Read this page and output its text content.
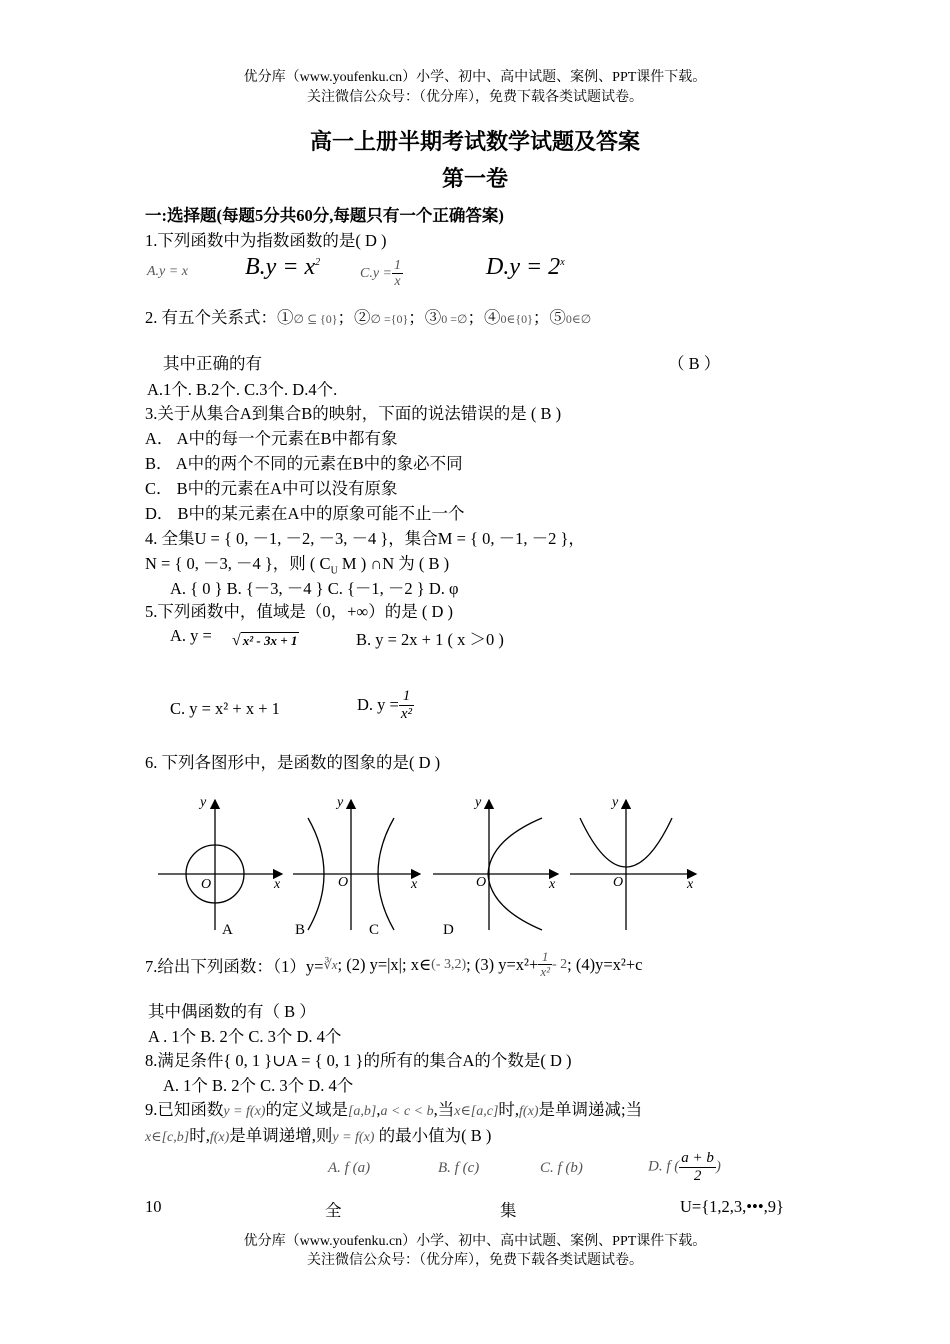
优分库（www.youfenku.cn）小学、初中、高中试题、案例、PPT课件下载。
关注微信公众号：（优分库），免费下载各类试题试卷。
高一上册半期考试数学试题及答案
第一卷
一:选择题(每题5分共60分,每题只有一个正确答案)
1.下列函数中为指数函数的是( D )
A.y = x $B.y = x^2$
$C.y = \frac{1}{x}$	$D.y = 2^x$
2. 有五个关系式：①∅ ⊆ {0}；②∅ ={0}；③0 =∅；④0∈{0}；⑤0∈∅
其中正确的有	（ B ）
A.1个. B.2个. C.3个. D.4个.
3.关于从集合A到集合B的映射，下面的说法错误的是 ( B )
A． A中的每一个元素在B中都有象
B． A中的两个不同的元素在B中的象必不同
C． B中的元素在A中可以没有原象
D． B中的某元素在A中的原象可能不止一个
4. 全集U = { 0, －1, －2, －3, －4 }，集合M = { 0, －1, －2 }，
N = { 0, －3, －4 }，则 ( $C_U$ M ) ∩N 为 ( B )
A. { 0 } B. {－3, －4 } C. {－1, －2 } D. φ
5.下列函数中，值域是（0，+∞）的是 ( D )
A. y = √ x² - 3x + 1	B. y = 2x + 1 ( x ＞0 )
C. y = x² + x + 1	D. $y = \frac{1}{\text{x²}}$
6. 下列各图形中，是函数的图象的是( D )
y
O	x
y
O	x
y
O	x
y
O	x
A	B	C	D
7.给出下列函数：（1）y=∛x; (2) y=|x|; x∈(- 3,2); (3) $y=x^2+ \frac{1}{\text{x²}} - 2$; (4)y=x²+c
其中偶函数的有（ B ）
A . 1个 B. 2个 C. 3个 D. 4个
8.满足条件{ 0, 1 }∪A = { 0, 1 }的所有的集合A的个数是( D )
A. 1个 B. 2个 C. 3个 D. 4个
9.已知函数y = f(x)的定义域是[a,b],a < c < b,当x∈[a,c]时,f(x)是单调递减;当
x∈[c,b]时,f(x)是单调递增,则y = f(x) 的最小值为( B )
A. f (a)	B. f (c)	C. f (b)	D. f ( $\frac{a + b}{2}$ )
10	全	集	U={1,2,3,•••,9}
优分库（www.youfenku.cn）小学、初中、高中试题、案例、PPT课件下载。
关注微信公众号：（优分库），免费下载各类试题试卷。
